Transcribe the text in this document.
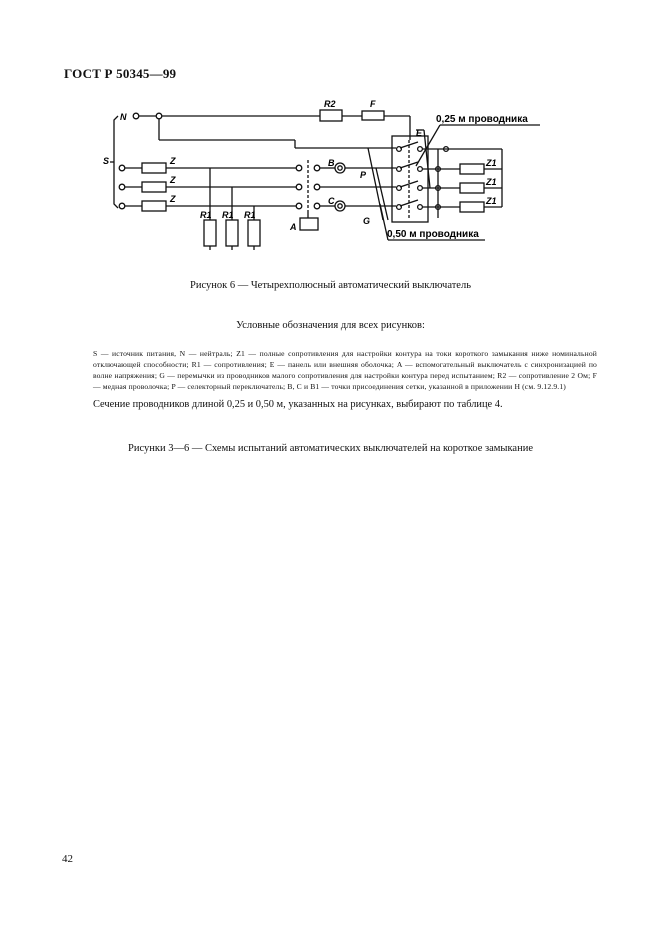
ГОСТ Р 50345—99
N
S
R2	F
E
Z
Z
Z
Z1
Z1
Z1
R1 R1 R1
B
C
A
G
P
0,25 м проводника
0,50 м проводника
Рисунок 6 — Четырехполюсный автоматический выключатель
Условные обозначения для всех рисунков:
S — источник питания, N — нейтраль; Z1 — полные сопротивления для настройки контура на токи короткого замыкания ниже номинальной отключающей способности; R1 — сопротивления; E — панель или внешняя оболочка; A — вспомогательный выключатель с синхронизацией по волне напряжения; G — перемычки из проводников малого сопротивления для настройки контура перед испытанием; R2 — сопротивление 2 Ом; F — медная проволочка; P — селекторный переключатель; B, C и B1 — точки присоединения сетки, указанной в приложении Н (см. 9.12.9.1)
Сечение проводников длиной 0,25 и 0,50 м, указанных на рисунках, выбирают по таблице 4.
Рисунки 3—6 — Схемы испытаний автоматических выключателей на короткое замыкание
42
